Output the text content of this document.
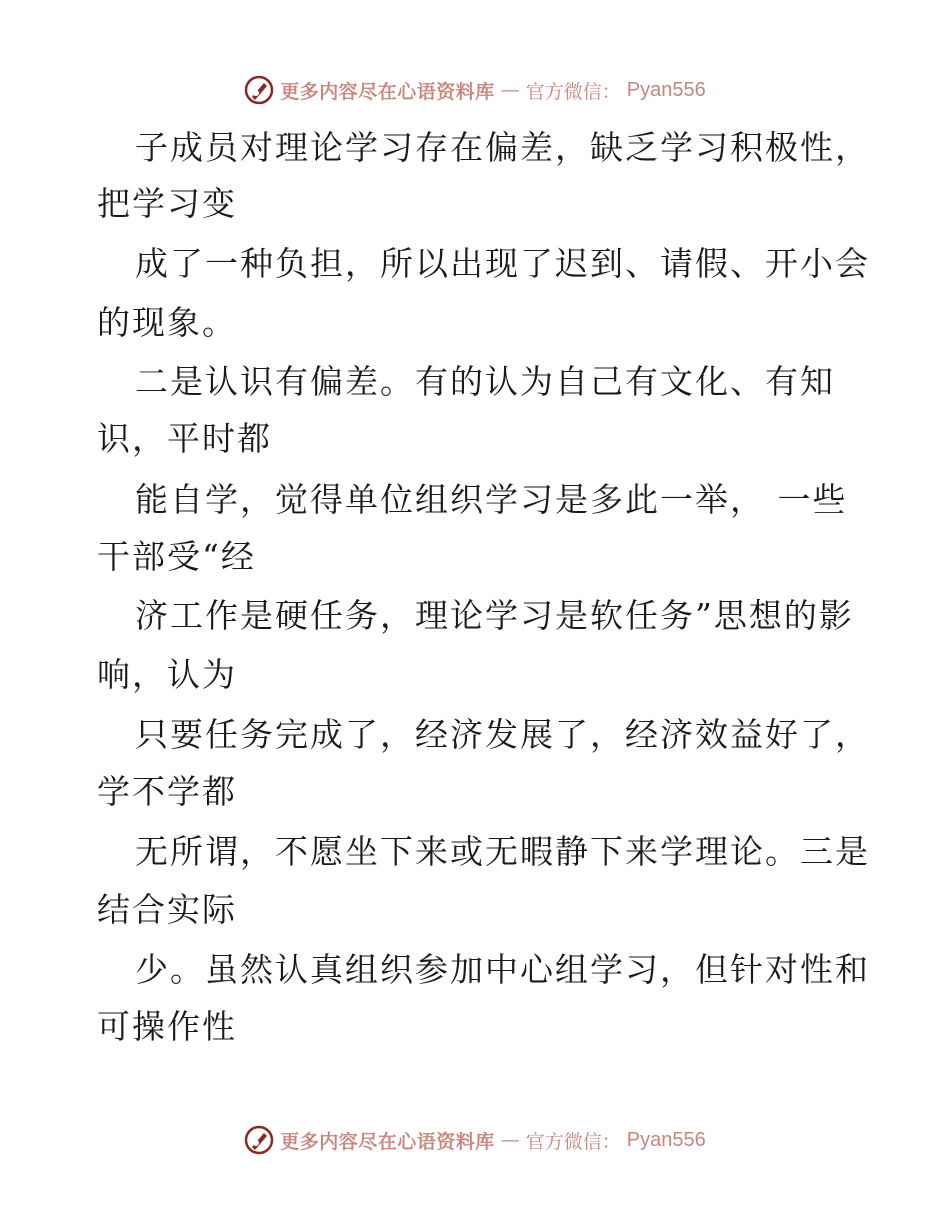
更多内容尽在心语资料库 — 官方微信： Pyan556
子成员对理论学习存在偏差，缺乏学习积极性，
把学习变
成了一种负担，所以出现了迟到、请假、开小会
的现象。
二是认识有偏差。有的认为自己有文化、有知
识，平时都
能自学，觉得单位组织学习是多此一举， 一些
干部受“经
济工作是硬任务，理论学习是软任务”思想的影
响，认为
只要任务完成了，经济发展了，经济效益好了，
学不学都
无所谓，不愿坐下来或无暇静下来学理论。三是
结合实际
少。虽然认真组织参加中心组学习，但针对性和
可操作性
更多内容尽在心语资料库 — 官方微信： Pyan556
